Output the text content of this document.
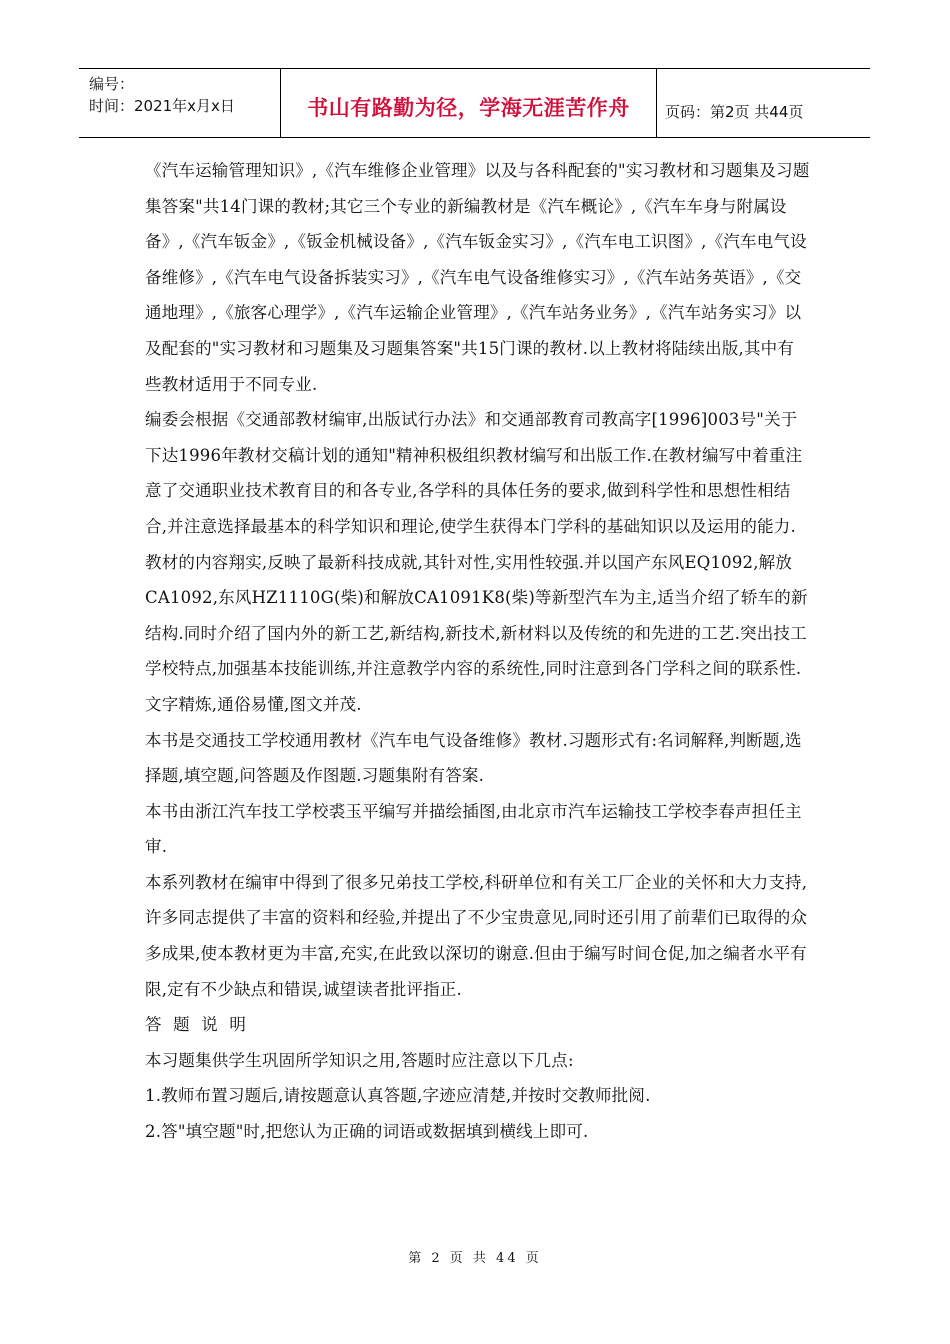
编号：
时间：2021年x月x日	书山有路勤为径，学海无涯苦作舟 页码：第2页 共44页

《汽车运输管理知识》,《汽车维修企业管理》以及与各科配套的"实习教材和习题集及习题集答案"共14门课的教材;其它三个专业的新编教材是《汽车概论》,《汽车车身与附属设备》,《汽车钣金》,《钣金机械设备》,《汽车钣金实习》,《汽车电工识图》,《汽车电气设备维修》,《汽车电气设备拆装实习》,《汽车电气设备维修实习》,《汽车站务英语》,《交通地理》,《旅客心理学》,《汽车运输企业管理》,《汽车站务业务》,《汽车站务实习》以及配套的"实习教材和习题集及习题集答案"共15门课的教材.以上教材将陆续出版,其中有些教材适用于不同专业.

编委会根据《交通部教材编审,出版试行办法》和交通部教育司教高字[1996]003号"关于下达1996年教材交稿计划的通知"精神积极组织教材编写和出版工作.在教材编写中着重注意了交通职业技术教育目的和各专业,各学科的具体任务的要求,做到科学性和思想性相结合,并注意选择最基本的科学知识和理论,使学生获得本门学科的基础知识以及运用的能力.

教材的内容翔实,反映了最新科技成就,其针对性,实用性较强.并以国产东风EQ1092,解放CA1092,东风HZ1110G(柴)和解放CA1091K8(柴)等新型汽车为主,适当介绍了轿车的新结构.同时介绍了国内外的新工艺,新结构,新技术,新材料以及传统的和先进的工艺.突出技工学校特点,加强基本技能训练,并注意教学内容的系统性,同时注意到各门学科之间的联系性.文字精炼,通俗易懂,图文并茂.

本书是交通技工学校通用教材《汽车电气设备维修》教材.习题形式有:名词解释,判断题,选择题,填空题,问答题及作图题.习题集附有答案.

本书由浙江汽车技工学校裘玉平编写并描绘插图,由北京市汽车运输技工学校李春声担任主审.

本系列教材在编审中得到了很多兄弟技工学校,科研单位和有关工厂企业的关怀和大力支持,许多同志提供了丰富的资料和经验,并提出了不少宝贵意见,同时还引用了前辈们已取得的众多成果,使本教材更为丰富,充实,在此致以深切的谢意.但由于编写时间仓促,加之编者水平有限,定有不少缺点和错误,诚望读者批评指正.

答 题 说 明

本习题集供学生巩固所学知识之用,答题时应注意以下几点:

1.教师布置习题后,请按题意认真答题,字迹应清楚,并按时交教师批阅.

2.答"填空题"时,把您认为正确的词语或数据填到横线上即可.

第 2 页 共 44 页
